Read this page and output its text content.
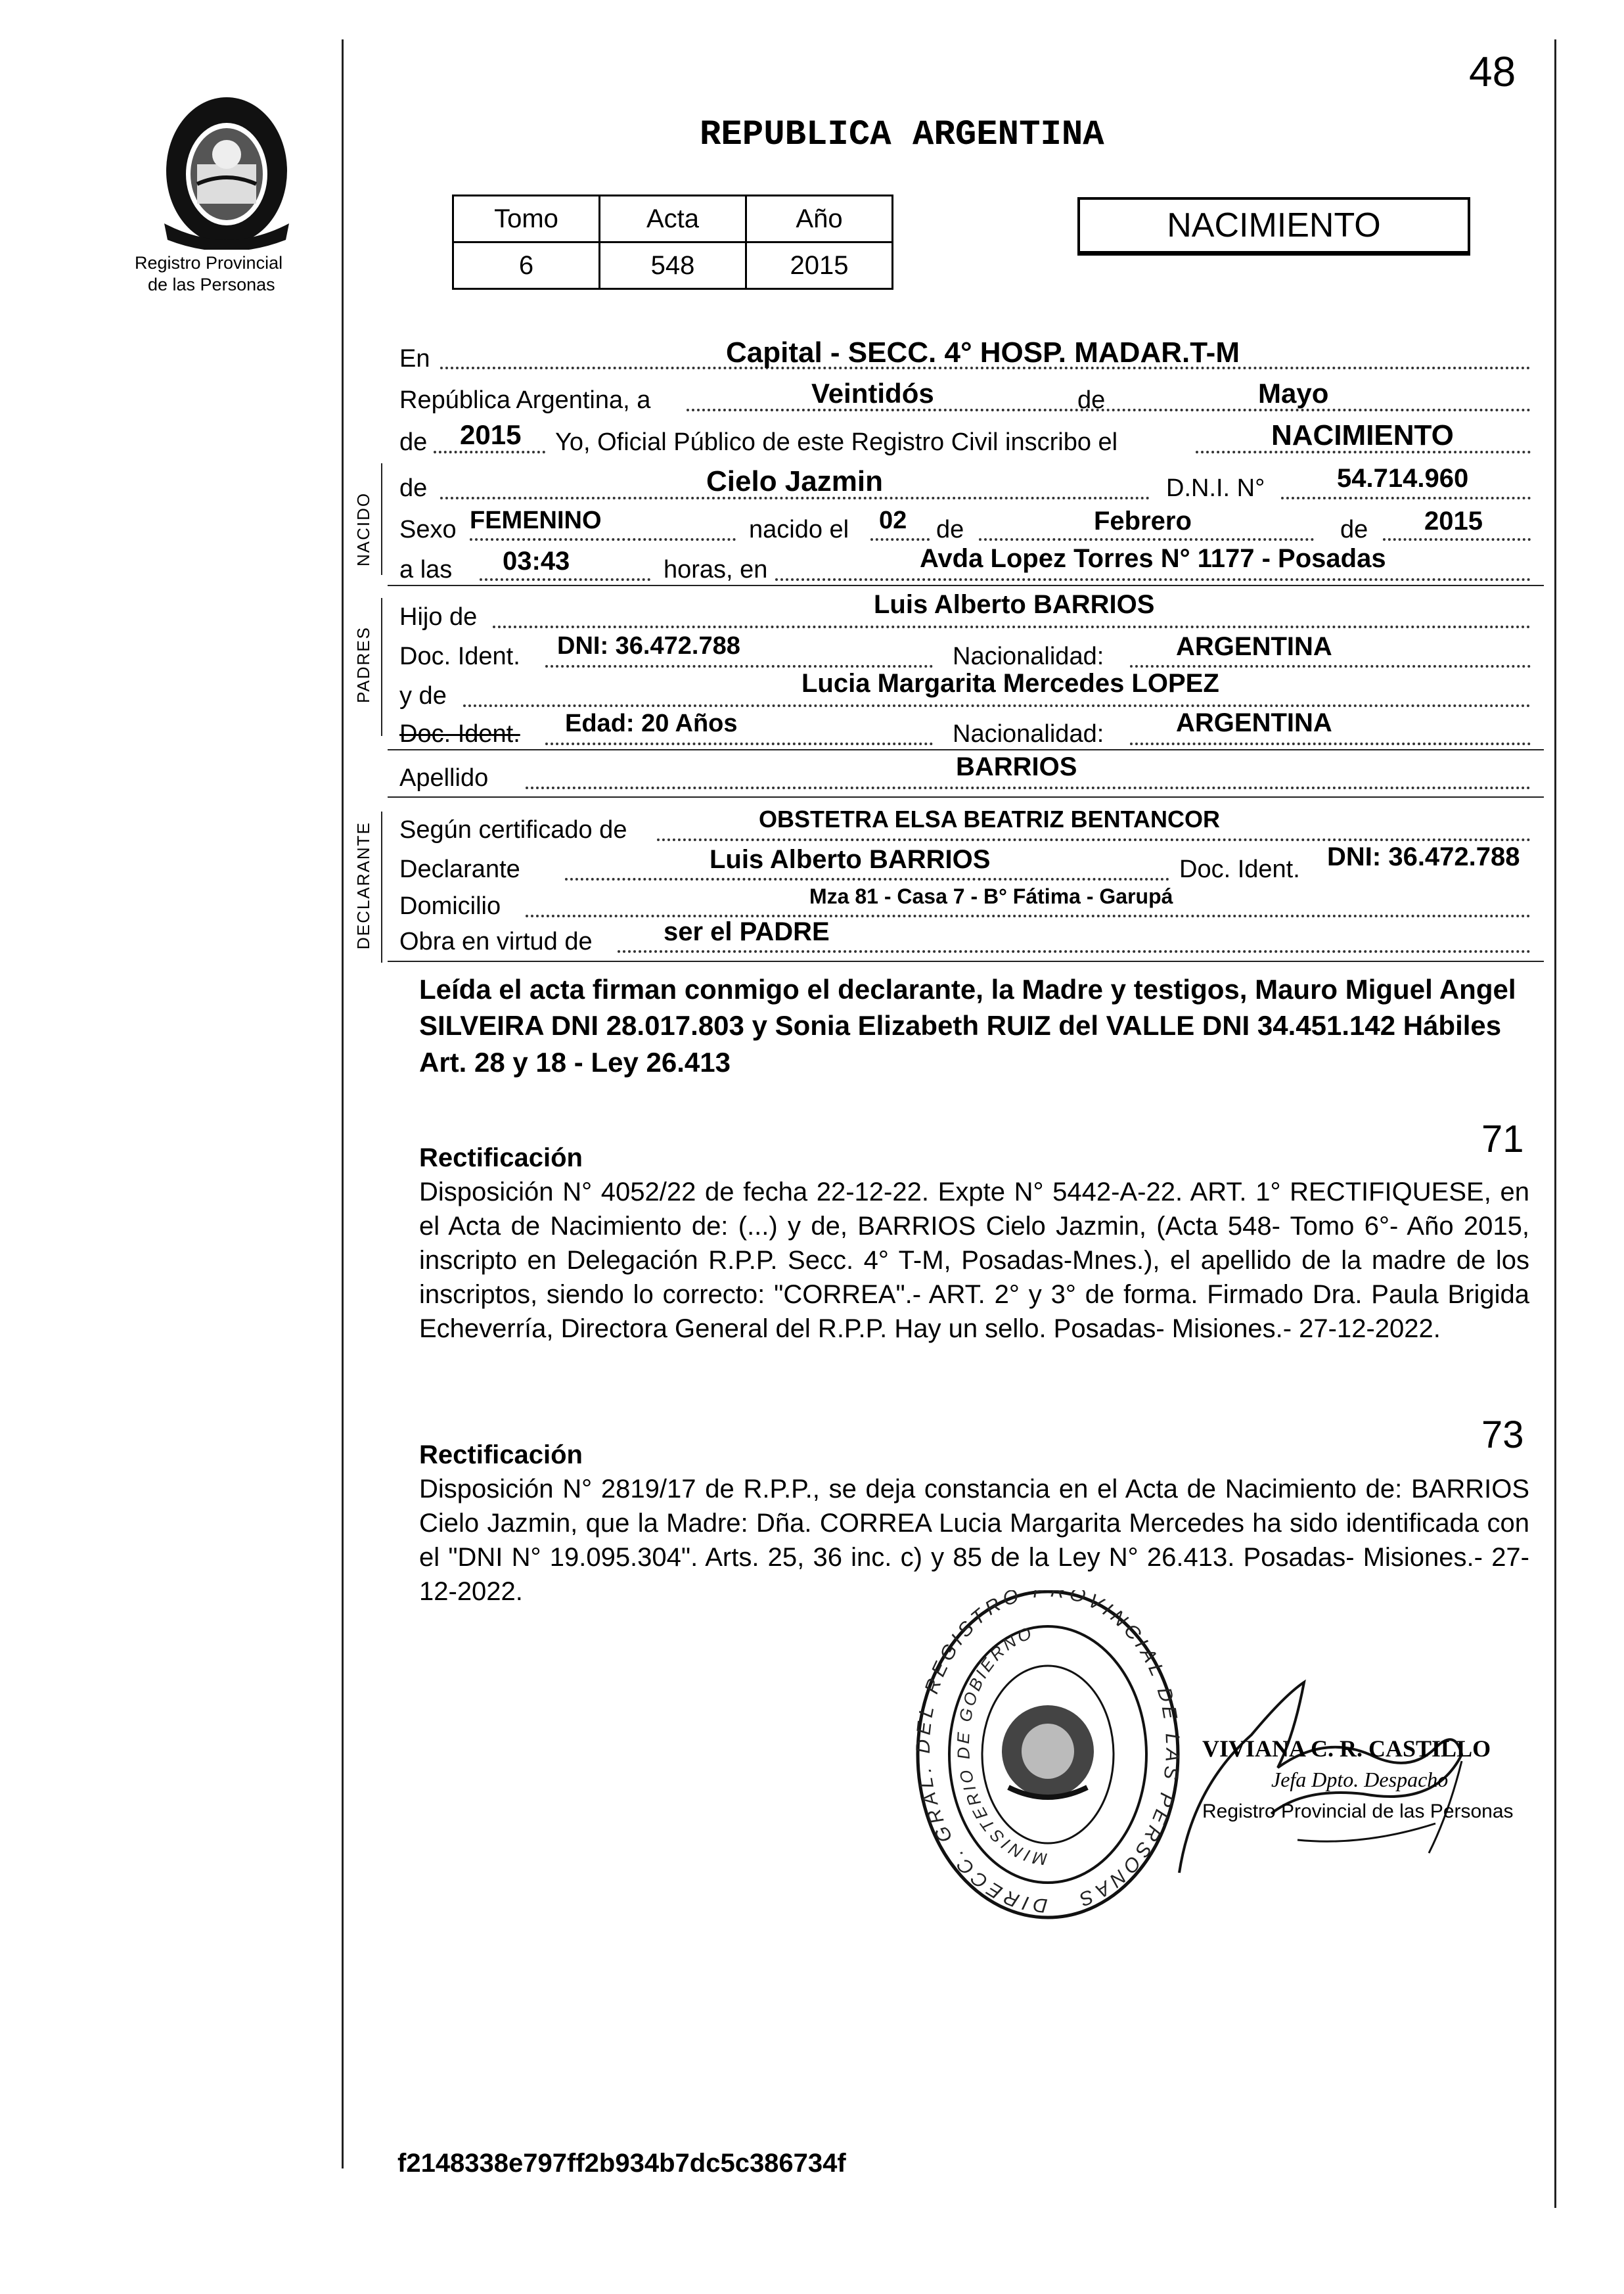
Registro Provincial
de las Personas
48
REPUBLICA ARGENTINA
Tomo	Acta	Año
6	548	2015
NACIMIENTO
En	Capital - SECC. 4° HOSP. MADAR.T-M
República Argentina, a	Veintidós	de	Mayo
de 2015 Yo, Oficial Público de este Registro Civil inscribo el	NACIMIENTO
NACIDO
de	Cielo Jazmin	D.N.I. N°	54.714.960
Sexo FEMENINO	nacido el 02 de	Febrero	de 2015
a las 03:43	horas, en	Avda Lopez Torres N° 1177 - Posadas
PADRES
Hijo de	Luis Alberto BARRIOS
Doc. Ident. DNI: 36.472.788	Nacionalidad:	ARGENTINA
y de	Lucia Margarita Mercedes LOPEZ
Doc. Ident. Edad: 20 Años	Nacionalidad:	ARGENTINA
Apellido	BARRIOS
DECLARANTE Según certificado de	OBSTETRA ELSA BEATRIZ BENTANCOR
Declarante	Luis Alberto BARRIOS	Doc. Ident. DNI: 36.472.788
Domicilio	Mza 81 - Casa 7 - B° Fátima - Garupá
Obra en virtud de	ser el PADRE
Leída el acta firman conmigo el declarante, la Madre y testigos, Mauro Miguel Angel SILVEIRA DNI 28.017.803 y Sonia Elizabeth RUIZ del VALLE DNI 34.451.142 Hábiles Art. 28 y 18 - Ley 26.413
71
Rectificación
Disposición N° 4052/22 de fecha 22-12-22. Expte N° 5442-A-22. ART. 1° RECTIFIQUESE, en el Acta de Nacimiento de: (...) y de, BARRIOS Cielo Jazmin, (Acta 548- Tomo 6°- Año 2015, inscripto en Delegación R.P.P. Secc. 4° T-M, Posadas-Mnes.), el apellido de la madre de los inscriptos, siendo lo correcto: "CORREA".- ART. 2° y 3° de forma. Firmado Dra. Paula Brigida Echeverría, Directora General del R.P.P. Hay un sello. Posadas- Misiones.- 27-12-2022.
73
Rectificación
Disposición N° 2819/17 de R.P.P., se deja constancia en el Acta de Nacimiento de: BARRIOS Cielo Jazmin, que la Madre: Dña. CORREA Lucia Margarita Mercedes ha sido identificada con el "DNI N° 19.095.304". Arts. 25, 36 inc. c) y 85 de la Ley N° 26.413. Posadas- Misiones.- 27-12-2022.
DIRECC. GRAL. DEL REGISTRO PROVINCIAL DE LAS PERSONAS
MINISTERIO DE GOBIERNO
VIVIANA C. R. CASTILLO
Jefa Dpto. Despacho
Registro Provincial de las Personas
f2148338e797ff2b934b7dc5c386734f
